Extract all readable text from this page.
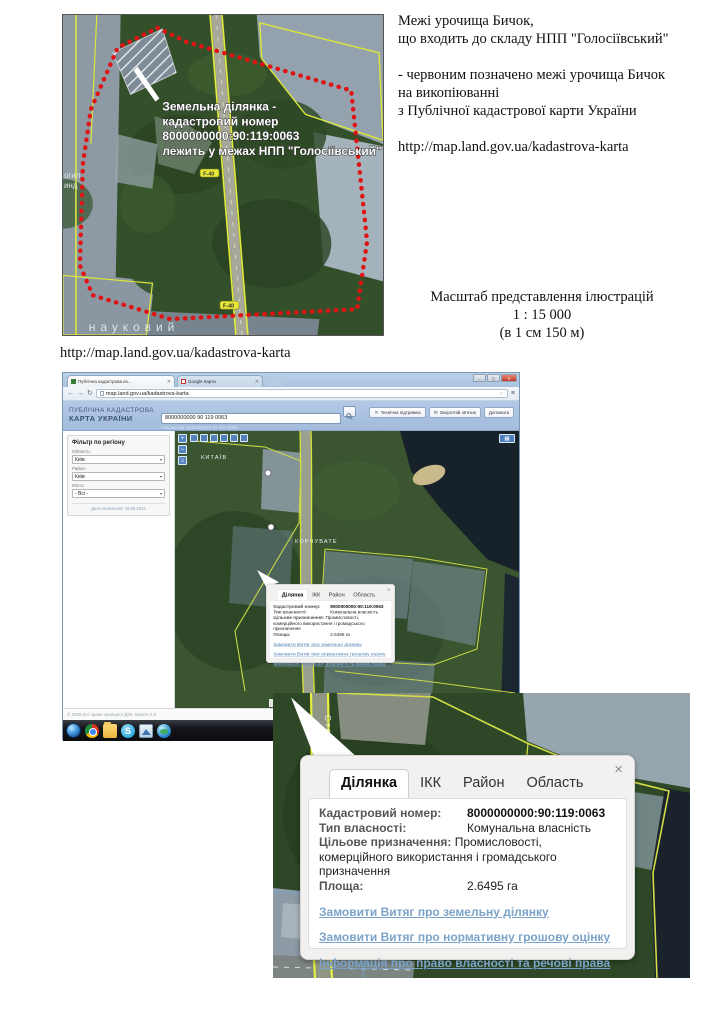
Земельна ділянка -
кадастровий номер
8000000000:90:119:0063
лежить у межах НПП "Голосіївський"
F-40
F-40
огил
инд
науковий
Межі урочища Бичок,
що входить до складу НПП "Голосіївський"
- червоним позначено межі урочища Бичок
на викопіюванні
з Публічної кадастрової карти України
http://map.land.gov.ua/kadastrova-karta
Масштаб представлення ілюстрацій
1 : 15 000
(в 1 см 150 м)
http://map.land.gov.ua/kadastrova-karta
Публічна кадастрова ка...	✕	Google Карти	✕	–	▢	✕
← → ↻ map.land.gov.ua/kadastrova-karta	☆ ≡
ПУБЛІЧНА КАДАСТРОВА
КАРТА УКРАЇНИ
8000000000 90 119 0063
Наприклад: 3222485200 01 001 0001
✕ Технічна підтримка	✉ Зворотній зв'язок	Допомога
Фільтр по регіону
Область:
Київ	▾
Район:
Київ	▾
Місто:
- Всі -	▾
Дата оновлення: 15.06.2014
КИТАЇВ
КОРЧУВАТЕ
+
−
⌂
▦
×
Ділянка ІКК Район Область
Кадастровий номер: 8000000000:90:119:0063
Тип власності: Комунальна власність
Цільове призначення: Промисловості, комерційного використання і громадського призначення
Площа:	2.6495 га
Замовити Витяг про земельну ділянку
Замовити Витяг про нормативну грошову оцінку
Інформація про право власності та речові права
© 2009 Всі права захищені ДЗК. Версія 2.0
S
×
Ділянка	ІКК	Район	Область
Кадастровий номер: 8000000000:90:119:0063
Тип власності:	Комунальна власність
Цільове призначення: Промисловості, комерційного використання і громадського призначення
Площа:	2.6495 га
Замовити Витяг про земельну ділянку
Замовити Витяг про нормативну грошову оцінку
Інформація про право власності та речові права
